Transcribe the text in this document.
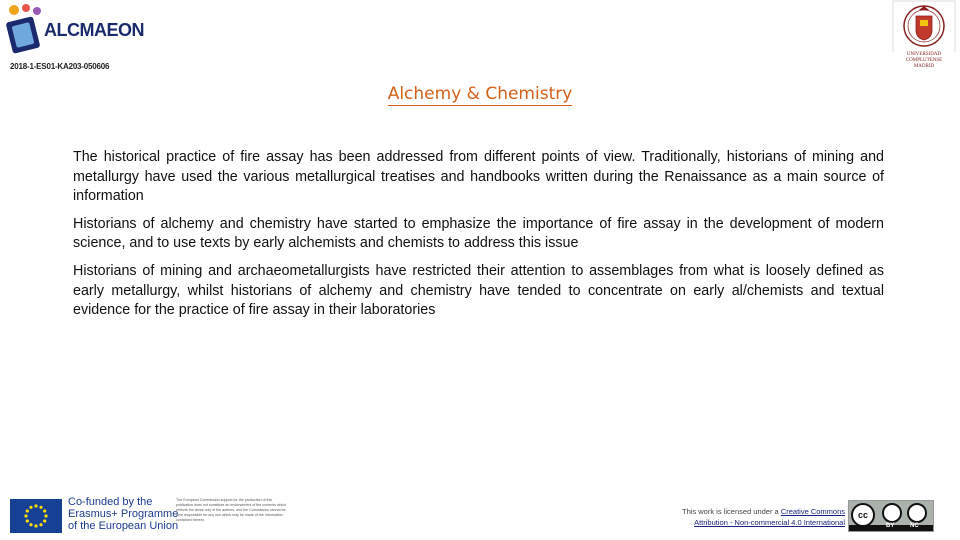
ALCMAEON
2018-1-ES01-KA203-050606
UNIVERSIDAD COMPLUTENSE MADRID
Alchemy & Chemistry

The historical practice of fire assay has been addressed from different points of view. Traditionally, historians of mining and metallurgy have used the various metallurgical treatises and handbooks written during the Renaissance as a main source of information

Historians of alchemy and chemistry have started to emphasize the importance of fire assay in the development of modern science, and to use texts by early alchemists and chemists to address this issue

Historians of mining and archaeometallurgists have restricted their attention to assemblages from what is loosely defined as early metallurgy, whilst historians of alchemy and chemistry have tended to concentrate on early al/chemists and textual evidence for the practice of fire assay in their laboratories

Co-funded by the
Erasmus+ Programme
of the European Union
The European Commission support for the production of this publication does not constitute an endorsement of the contents which reflects the views only of the authors, and the Commission cannot be held responsible for any use which may be made of the information contained therein.
This work is licensed under a Creative Commons
Attribution - Non-commercial 4.0 International
cc
BY	NC
